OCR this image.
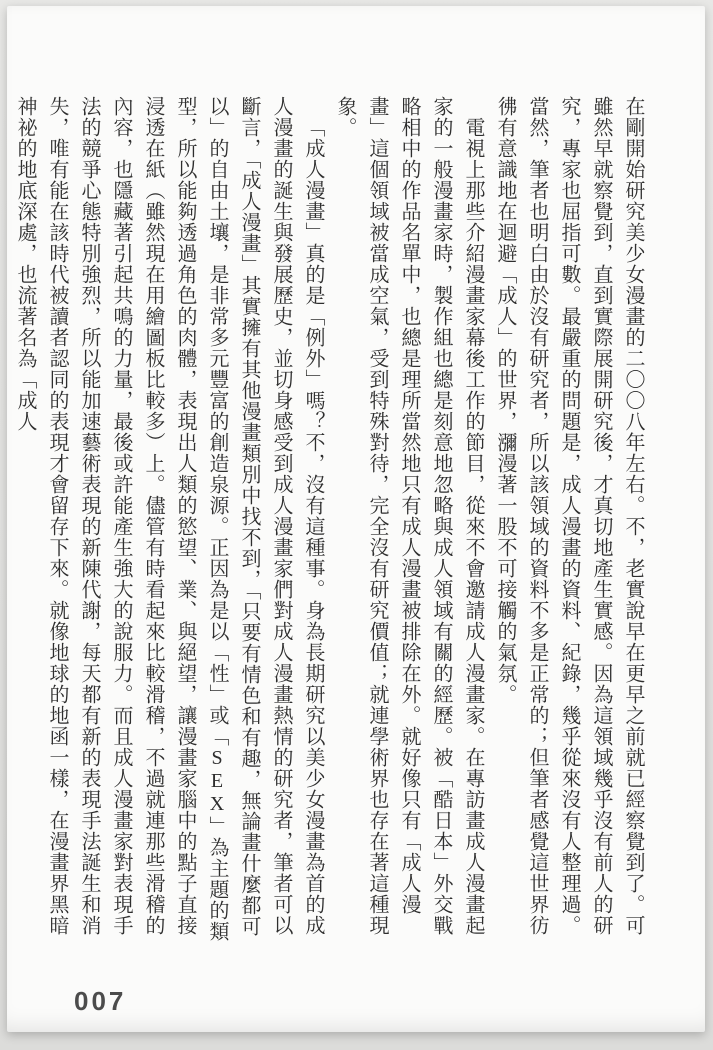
在剛開始研究美少女漫畫的二〇〇八年左右。不，老實說早在更早之前就已經察覺到了。可雖然早就察覺到，直到實際展開研究後，才真切地產生實感。因為這領域幾乎沒有前人的研究，專家也屈指可數。最嚴重的問題是，成人漫畫的資料、紀錄，幾乎從來沒有人整理過。當然，筆者也明白由於沒有研究者，所以該領域的資料不多是正常的；但筆者感覺這世界彷彿有意識地在迴避「成人」的世界，瀰漫著一股不可接觸的氣氛。

電視上那些介紹漫畫家幕後工作的節目，從來不會邀請成人漫畫家。在專訪畫成人漫畫起家的一般漫畫家時，製作組也總是刻意地忽略與成人領域有關的經歷。被「酷日本」外交戰略相中的作品名單中，也總是理所當然地只有成人漫畫被排除在外。就好像只有「成人漫畫」這個領域被當成空氣，受到特殊對待，完全沒有研究價值；就連學術界也存在著這種現象。

「成人漫畫」真的是「例外」嗎？不，沒有這種事。身為長期研究以美少女漫畫為首的成人漫畫的誕生與發展歷史，並切身感受到成人漫畫家們對成人漫畫熱情的研究者，筆者可以斷言，「成人漫畫」其實擁有其他漫畫類別中找不到，「只要有情色和有趣，無論畫什麼都可以」的自由土壤，是非常多元豐富的創造泉源。正因為是以「性」或「SEX」為主題的類型，所以能夠透過角色的肉體，表現出人類的慾望、業、與絕望，讓漫畫家腦中的點子直接浸透在紙（雖然現在用繪圖板比較多）上。儘管有時看起來比較滑稽，不過就連那些滑稽的內容，也隱藏著引起共鳴的力量，最後或許能產生強大的說服力。而且成人漫畫家對表現手法的競爭心態特別強烈，所以能加速藝術表現的新陳代謝，每天都有新的表現手法誕生和消失，唯有能在該時代被讀者認同的表現才會留存下來。就像地球的地函一樣，在漫畫界黑暗神祕的地底深處，也流著名為「成人

007
